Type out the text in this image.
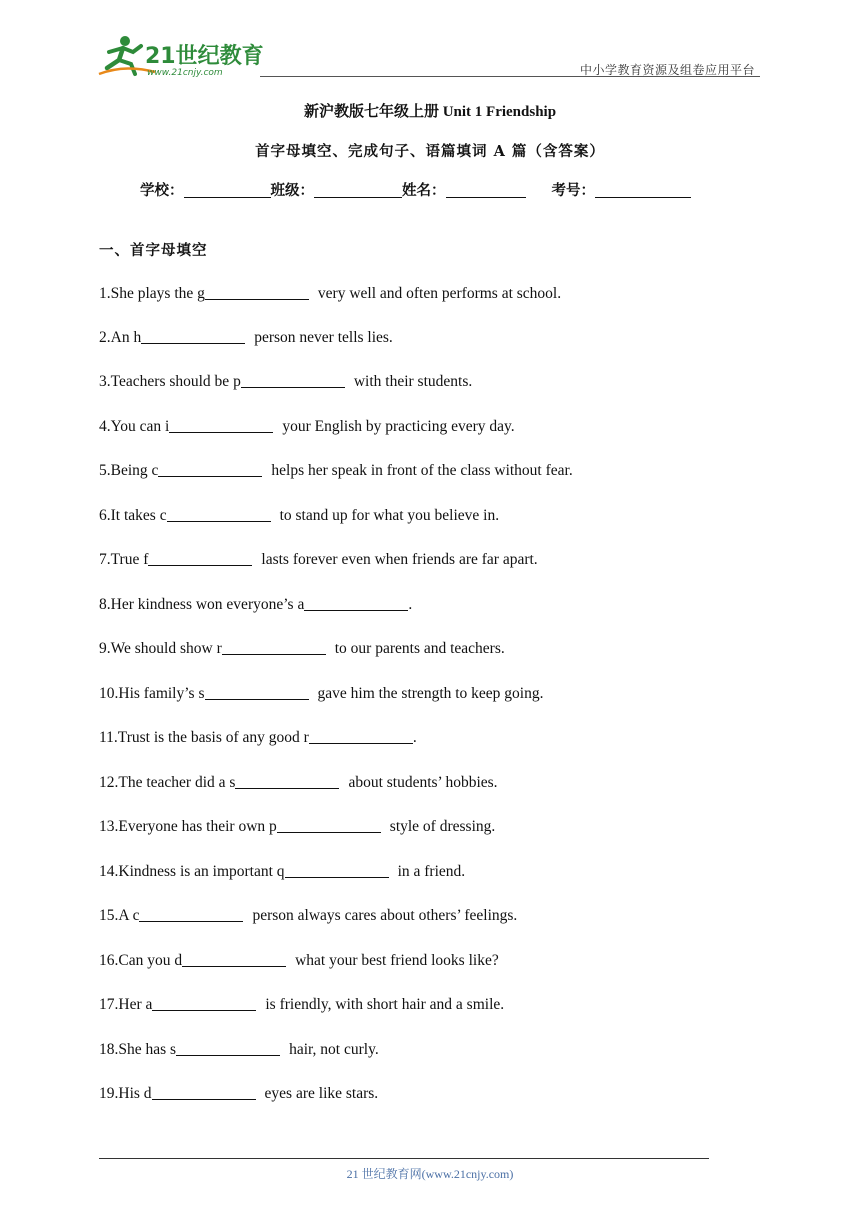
21世纪教育
www.21cnjy.com	中小学教育资源及组卷应用平台
新沪教版七年级上册 Unit 1 Friendship
首字母填空、完成句子、语篇填词 A 篇（含答案）
学校：	班级：	姓名：	考号：
一、首字母填空
1.She plays the g	very well and often performs at school.
2.An h	person never tells lies.
3.Teachers should be p	with their students.
4.You can i	your English by practicing every day.
5.Being c	helps her speak in front of the class without fear.
6.It takes c	to stand up for what you believe in.
7.True f	lasts forever even when friends are far apart.
8.Her kindness won everyone’s a	.
9.We should show r	to our parents and teachers.
10.His family’s s	gave him the strength to keep going.
11.Trust is the basis of any good r	.
12.The teacher did a s	about students’ hobbies.
13.Everyone has their own p	style of dressing.
14.Kindness is an important q	in a friend.
15.A c	person always cares about others’ feelings.
16.Can you d	what your best friend looks like?
17.Her a	is friendly, with short hair and a smile.
18.She has s	hair, not curly.
19.His d	eyes are like stars.
21 世纪教育网(www.21cnjy.com)
